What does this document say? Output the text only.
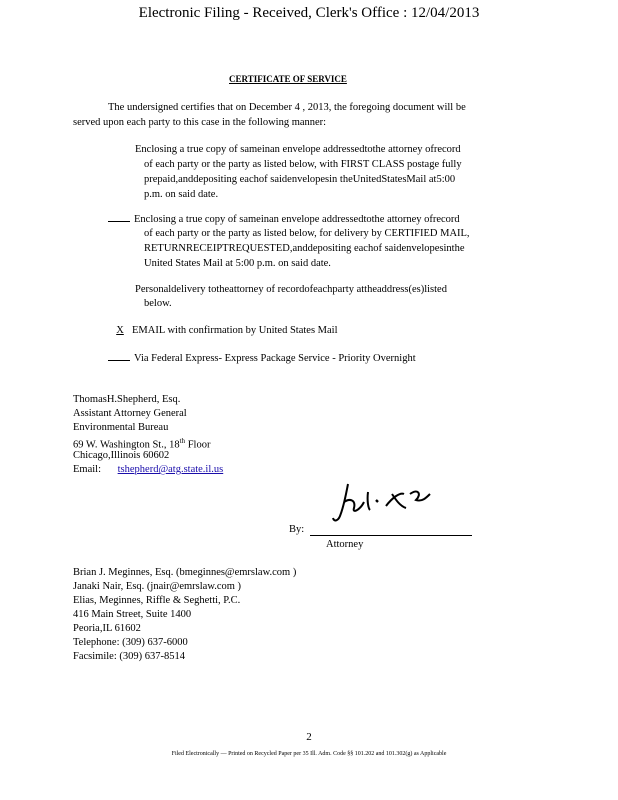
Electronic Filing - Received, Clerk's Office : 12/04/2013
CERTIFICATE OF SERVICE
The undersigned certifies that on December 4 , 2013, the foregoing document will be
served upon each party to this case in the following manner:
Enclosing a true copy of sameinan envelope addressedtothe attorney ofrecord
of each party or the party as listed below, with FIRST CLASS postage fully
prepaid,anddepositing eachof saidenvelopesin theUnitedStatesMail at5:00
p.m. on said date.
Enclosing a true copy of sameinan envelope addressedtothe attorney ofrecord
of each party or the party as listed below, for delivery by CERTIFIED MAIL,
RETURNRECEIPTREQUESTED,anddepositing eachof saidenvelopesinthe
United States Mail at 5:00 p.m. on said date.
Personaldelivery totheattorney of recordofeachparty attheaddress(es)listed
below.
X EMAIL with confirmation by United States Mail
Via Federal Express- Express Package Service - Priority Overnight
ThomasH.Shepherd, Esq.
Assistant Attorney General
Environmental Bureau
69 W. Washington St., 18th Floor
Chicago,Illinois 60602
Email: tshepherd@atg.state.il.us
By:
Attorney
Brian J. Meginnes, Esq. (bmeginnes@emrslaw.com )
Janaki Nair, Esq. (jnair@emrslaw.com )
Elias, Meginnes, Riffle & Seghetti, P.C.
416 Main Street, Suite 1400
Peoria,IL 61602
Telephone: (309) 637-6000
Facsimile: (309) 637-8514
2
Filed Electronically — Printed on Recycled Paper per 35 Ill. Adm. Code §§ 101.202 and 101.302(g) as Applicable
